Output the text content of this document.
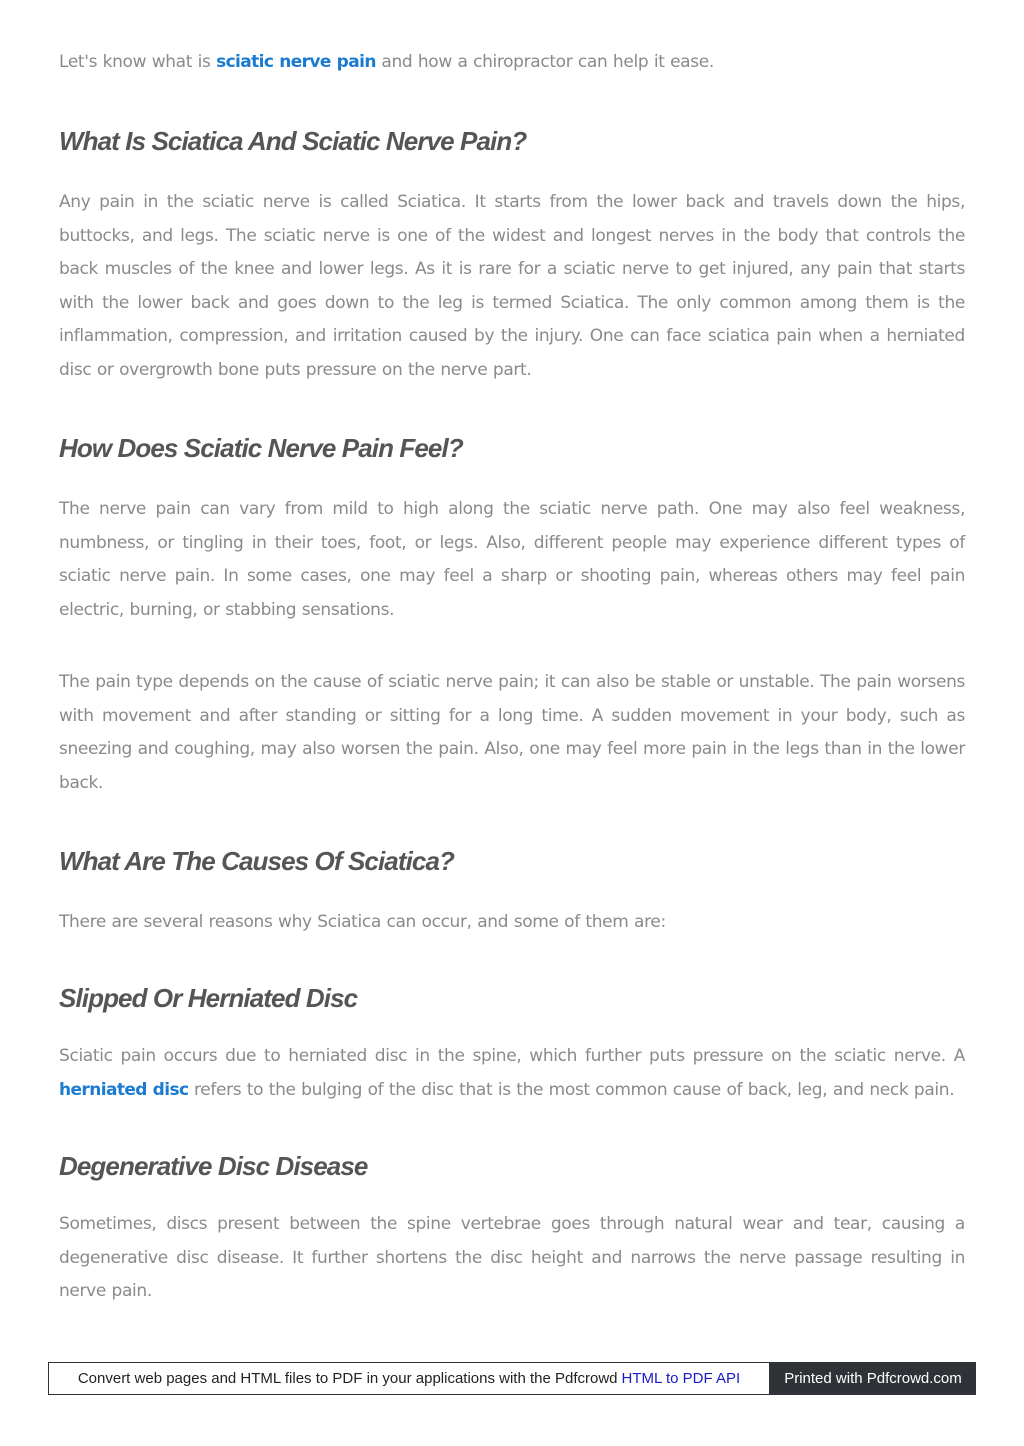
Let's know what is sciatic nerve pain and how a chiropractor can help it ease.

What Is Sciatica And Sciatic Nerve Pain?

Any pain in the sciatic nerve is called Sciatica. It starts from the lower back and travels down the hips, buttocks, and legs. The sciatic nerve is one of the widest and longest nerves in the body that controls the back muscles of the knee and lower legs. As it is rare for a sciatic nerve to get injured, any pain that starts with the lower back and goes down to the leg is termed Sciatica. The only common among them is the inflammation, compression, and irritation caused by the injury. One can face sciatica pain when a herniated disc or overgrowth bone puts pressure on the nerve part.

How Does Sciatic Nerve Pain Feel?

The nerve pain can vary from mild to high along the sciatic nerve path. One may also feel weakness, numbness, or tingling in their toes, foot, or legs. Also, different people may experience different types of sciatic nerve pain. In some cases, one may feel a sharp or shooting pain, whereas others may feel pain electric, burning, or stabbing sensations.

The pain type depends on the cause of sciatic nerve pain; it can also be stable or unstable. The pain worsens with movement and after standing or sitting for a long time. A sudden movement in your body, such as sneezing and coughing, may also worsen the pain. Also, one may feel more pain in the legs than in the lower back.

What Are The Causes Of Sciatica?

There are several reasons why Sciatica can occur, and some of them are:

Slipped Or Herniated Disc

Sciatic pain occurs due to herniated disc in the spine, which further puts pressure on the sciatic nerve. A herniated disc refers to the bulging of the disc that is the most common cause of back, leg, and neck pain.

Degenerative Disc Disease

Sometimes, discs present between the spine vertebrae goes through natural wear and tear, causing a degenerative disc disease. It further shortens the disc height and narrows the nerve passage resulting in nerve pain.

Convert web pages and HTML files to PDF in your applications with the Pdfcrowd HTML to PDF API	Printed with Pdfcrowd.com
